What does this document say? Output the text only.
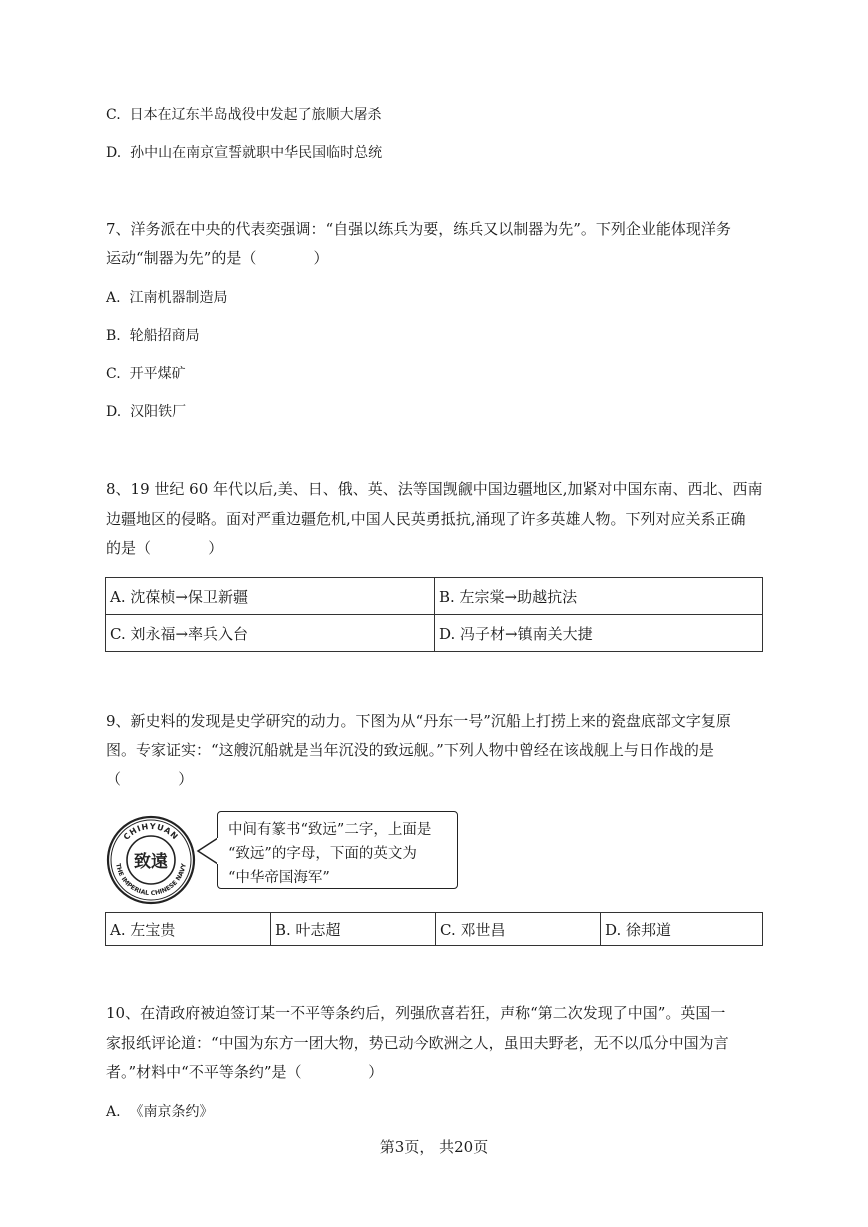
C.  日本在辽东半岛战役中发起了旅顺大屠杀
D.  孙中山在南京宣誓就职中华民国临时总统
7、洋务派在中央的代表奕强调：“自强以练兵为要，练兵又以制器为先”。下列企业能体现洋务
运动“制器为先”的是（            ）
A.  江南机器制造局
B.  轮船招商局
C.  开平煤矿
D.  汉阳铁厂
8、19 世纪 60 年代以后,美、日、俄、英、法等国觊觎中国边疆地区,加紧对中国东南、西北、西南
边疆地区的侵略。面对严重边疆危机,中国人民英勇抵抗,涌现了许多英雄人物。下列对应关系正确
的是（            ）
A. 沈葆桢→保卫新疆	B. 左宗棠→助越抗法
C. 刘永福→率兵入台	D. 冯子材→镇南关大捷
9、新史料的发现是史学研究的动力。下图为从“丹东一号”沉船上打捞上来的瓷盘底部文字复原
图。专家证实：“这艘沉船就是当年沉没的致远舰。”下列人物中曾经在该战舰上与日作战的是
（            ）
CHIHYUAN
THE IMPERIAL CHINESE NAVY
致遠
中间有篆书“致远”二字，上面是
“致远”的字母，下面的英文为
“中华帝国海军”
A. 左宝贵	B. 叶志超	C. 邓世昌	D. 徐邦道
10、在清政府被迫签订某一不平等条约后，列强欣喜若狂，声称“第二次发现了中国”。英国一
家报纸评论道：“中国为东方一团大物，势已动今欧洲之人，虽田夫野老，无不以瓜分中国为言
者。”材料中“不平等条约”是（              ）
A.  《南京条约》
第3页， 共20页
